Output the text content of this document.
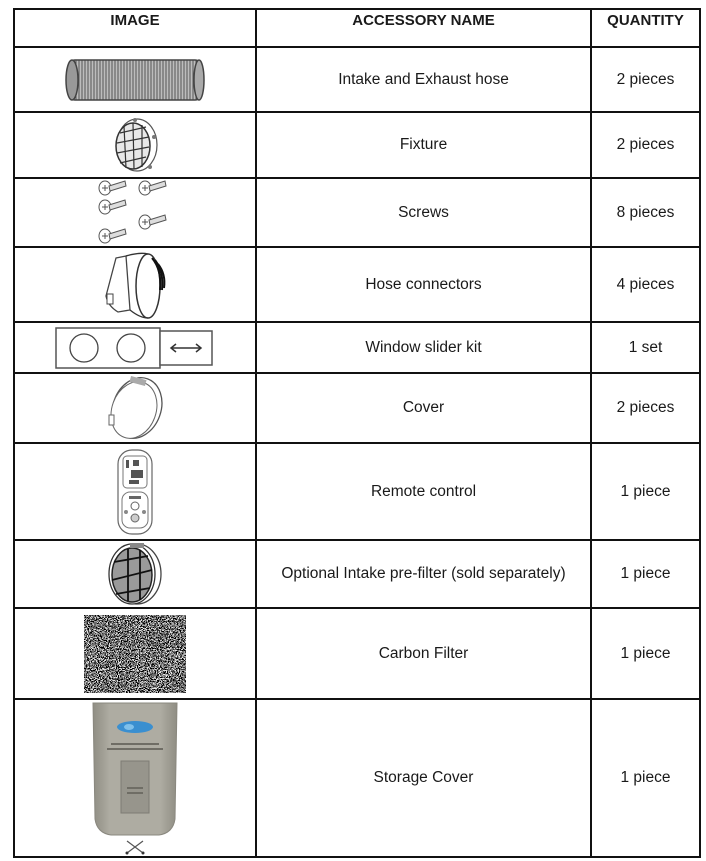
IMAGE	ACCESSORY NAME	QUANTITY

	Intake and Exhaust hose	2 pieces

	Fixture	2 pieces

	Screws	8 pieces

	Hose connectors	4 pieces

	Window slider kit	1 set

	Cover	2 pieces

	Remote control	1 piece

	Optional Intake pre-filter (sold separately)	1 piece

	Carbon Filter	1 piece

	Storage Cover	1 piece
